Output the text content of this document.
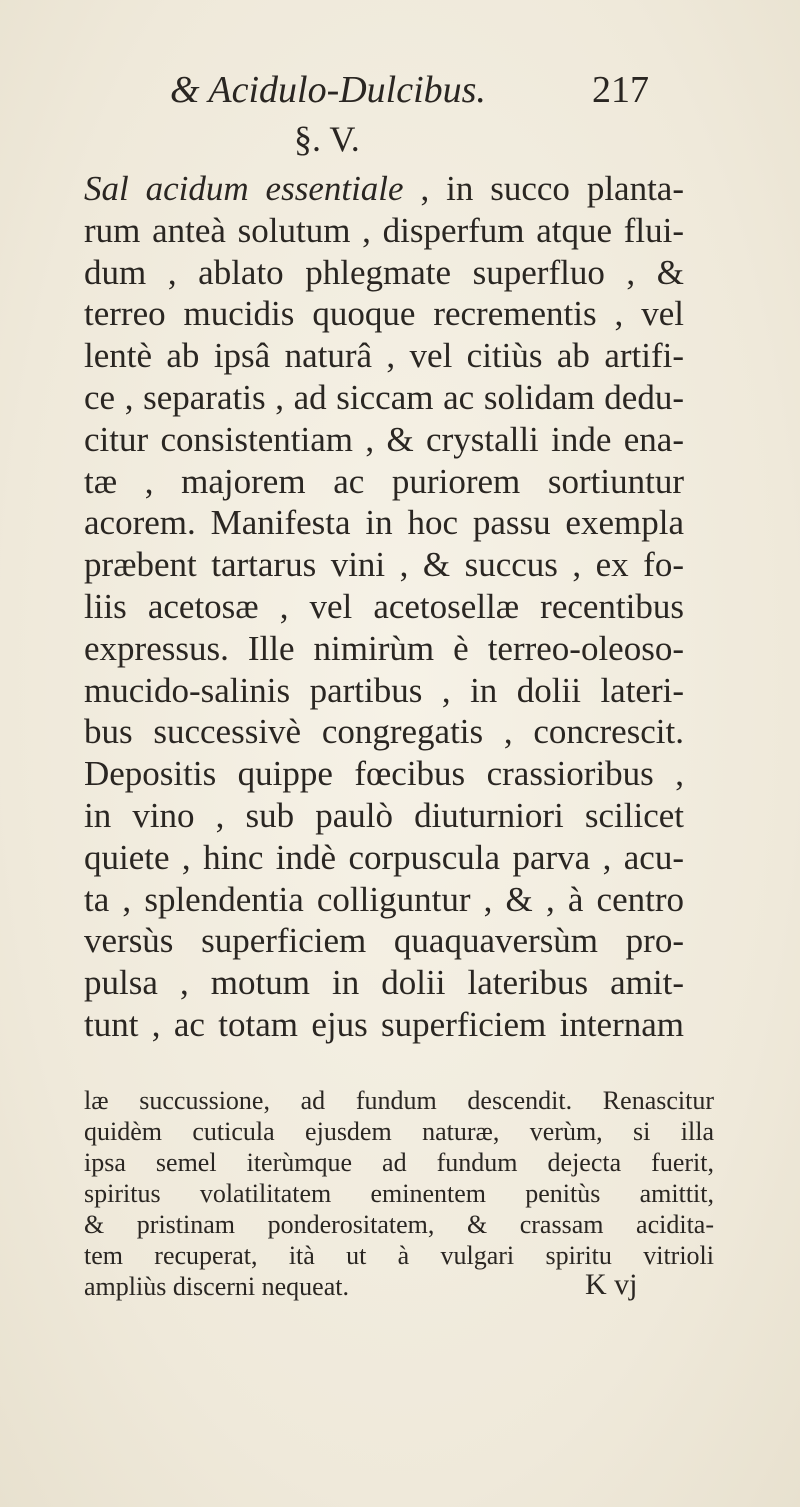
& Acidulo-Dulcibus.	217
§. V.
Sal acidum essentiale , in succo planta-
rum anteà solutum , disperfum atque flui-
dum , ablato phlegmate superfluo , &
terreo mucidis quoque recrementis , vel
lentè ab ipsâ naturâ , vel citiùs ab artifi-
ce , separatis , ad siccam ac solidam dedu-
citur consistentiam , & crystalli inde ena-
tæ , majorem ac puriorem sortiuntur
acorem. Manifesta in hoc passu exempla
præbent tartarus vini , & succus , ex fo-
liis acetosæ , vel acetosellæ recentibus
expressus. Ille nimirùm è terreo-oleoso-
mucido-salinis partibus , in dolii lateri-
bus successivè congregatis , concrescit.
Depositis quippe fœcibus crassioribus ,
in vino , sub paulò diuturniori scilicet
quiete , hinc indè corpuscula parva , acu-
ta , splendentia colliguntur , & , à centro
versùs superficiem quaquaversùm pro-
pulsa , motum in dolii lateribus amit-
tunt , ac totam ejus superficiem internam
læ succussione, ad fundum descendit. Renascitur
quidèm cuticula ejusdem naturæ, verùm, si illa
ipsa semel iterùmque ad fundum dejecta fuerit,
spiritus volatilitatem eminentem penitùs amittit,
& pristinam ponderositatem, & crassam acidita-
tem recuperat, ità ut à vulgari spiritu vitrioli
ampliùs discerni nequeat.	K vj
